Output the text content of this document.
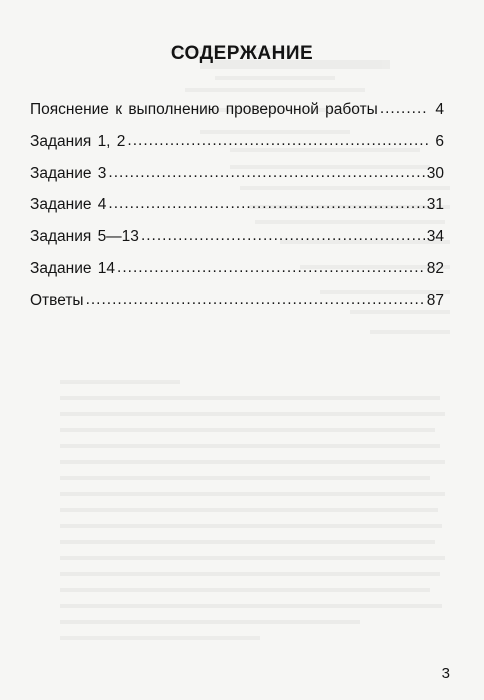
СОДЕРЖАНИЕ
Пояснение к выполнению проверочной работы .....	4
Задания 1, 2 .....	6
Задание 3 .....	30
Задание 4 .....	31
Задания 5—13 .....	34
Задание 14 .....	82
Ответы .....	87
3
